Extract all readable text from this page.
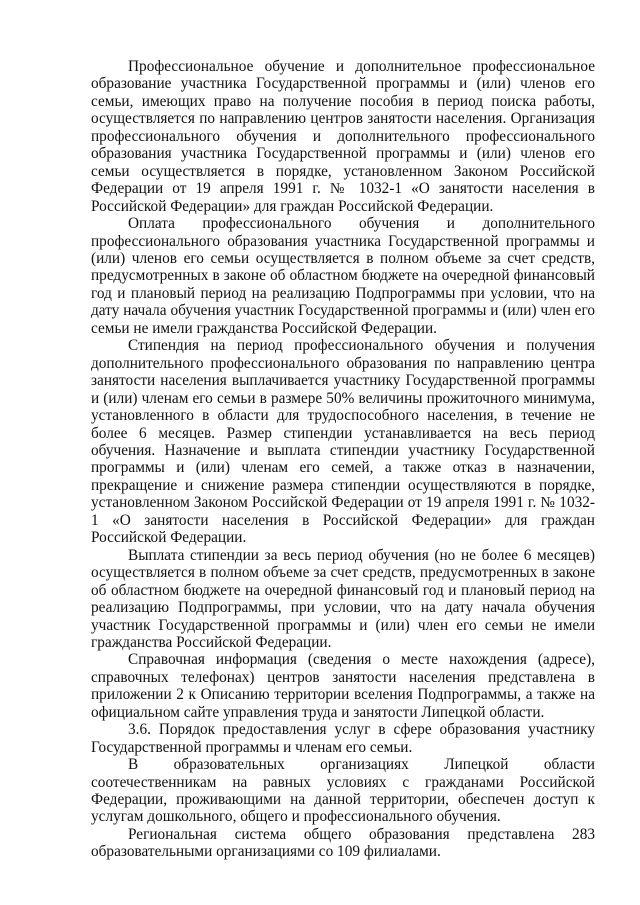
Профессиональное обучение и дополнительное профессиональное образование участника Государственной программы и (или) членов его семьи, имеющих право на получение пособия в период поиска работы, осуществляется по направлению центров занятости населения. Организация профессионального обучения и дополнительного профессионального образования участника Государственной программы и (или) членов его семьи осуществляется в порядке, установленном Законом Российской Федерации от 19 апреля 1991 г. № 1032-1 «О занятости населения в Российской Федерации» для граждан Российской Федерации.

Оплата профессионального обучения и дополнительного профессионального образования участника Государственной программы и (или) членов его семьи осуществляется в полном объеме за счет средств, предусмотренных в законе об областном бюджете на очередной финансовый год и плановый период на реализацию Подпрограммы при условии, что на дату начала обучения участник Государственной программы и (или) член его семьи не имели гражданства Российской Федерации.

Стипендия на период профессионального обучения и получения дополнительного профессионального образования по направлению центра занятости населения выплачивается участнику Государственной программы и (или) членам его семьи в размере 50% величины прожиточного минимума, установленного в области для трудоспособного населения, в течение не более 6 месяцев. Размер стипендии устанавливается на весь период обучения. Назначение и выплата стипендии участнику Государственной программы и (или) членам его семей, а также отказ в назначении, прекращение и снижение размера стипендии осуществляются в порядке, установленном Законом Российской Федерации от 19 апреля 1991 г. № 1032-1 «О занятости населения в Российской Федерации» для граждан Российской Федерации.

Выплата стипендии за весь период обучения (но не более 6 месяцев) осуществляется в полном объеме за счет средств, предусмотренных в законе об областном бюджете на очередной финансовый год и плановый период на реализацию Подпрограммы, при условии, что на дату начала обучения участник Государственной программы и (или) член его семьи не имели гражданства Российской Федерации.

Справочная информация (сведения о месте нахождения (адресе), справочных телефонах) центров занятости населения представлена в приложении 2 к Описанию территории вселения Подпрограммы, а также на официальном сайте управления труда и занятости Липецкой области.

3.6. Порядок предоставления услуг в сфере образования участнику Государственной программы и членам его семьи.

В образовательных организациях Липецкой области соотечественникам на равных условиях с гражданами Российской Федерации, проживающими на данной территории, обеспечен доступ к услугам дошкольного, общего и профессионального обучения.

Региональная система общего образования представлена 283 образовательными организациями со 109 филиалами.
